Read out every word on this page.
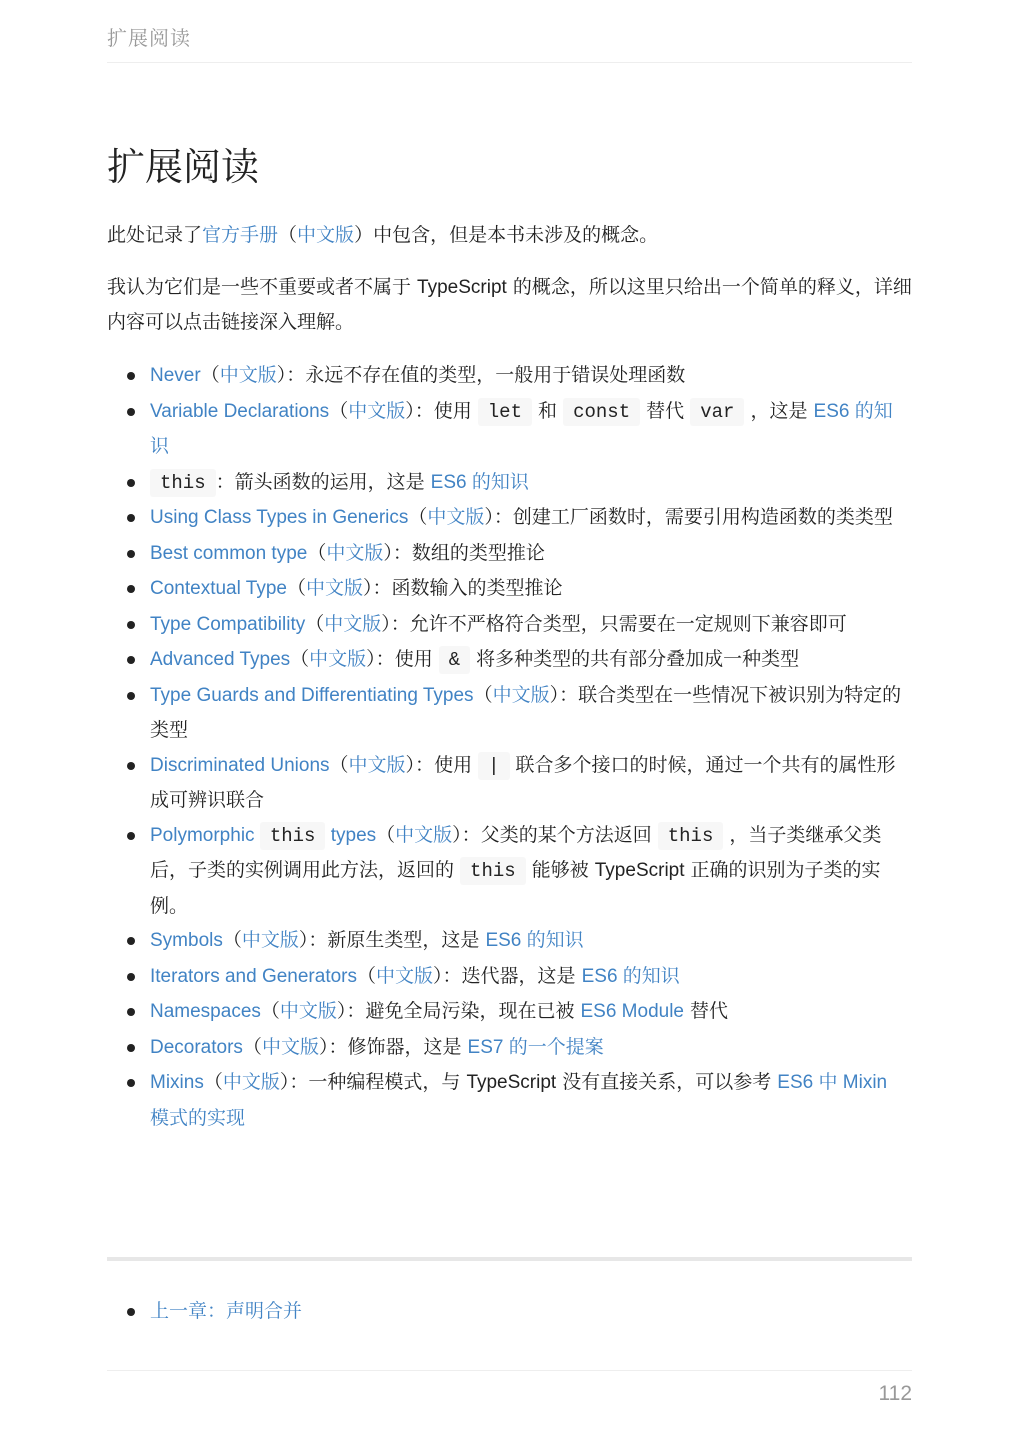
扩展阅读
扩展阅读

此处记录了官方手册（中文版）中包含，但是本书未涉及的概念。

我认为它们是一些不重要或者不属于 TypeScript 的概念，所以这里只给出一个简单的释义，详细内容可以点击链接深入理解。

Never（中文版）：永远不存在值的类型，一般用于错误处理函数
Variable Declarations（中文版）：使用 let 和 const 替代 var ，这是 ES6 的知识
this ：箭头函数的运用，这是 ES6 的知识
Using Class Types in Generics（中文版）：创建工厂函数时，需要引用构造函数的类类型
Best common type（中文版）：数组的类型推论
Contextual Type（中文版）：函数输入的类型推论
Type Compatibility（中文版）：允许不严格符合类型，只需要在一定规则下兼容即可
Advanced Types（中文版）：使用 & 将多种类型的共有部分叠加成一种类型
Type Guards and Differentiating Types（中文版）：联合类型在一些情况下被识别为特定的类型
Discriminated Unions（中文版）：使用 | 联合多个接口的时候，通过一个共有的属性形成可辨识联合
Polymorphic this types（中文版）：父类的某个方法返回 this ，当子类继承父类后，子类的实例调用此方法，返回的 this 能够被 TypeScript 正确的识别为子类的实例。
Symbols（中文版）：新原生类型，这是 ES6 的知识
Iterators and Generators（中文版）：迭代器，这是 ES6 的知识
Namespaces（中文版）：避免全局污染，现在已被 ES6 Module 替代
Decorators（中文版）：修饰器，这是 ES7 的一个提案
Mixins（中文版）：一种编程模式，与 TypeScript 没有直接关系，可以参考 ES6 中 Mixin 模式的实现
上一章：声明合并
112
